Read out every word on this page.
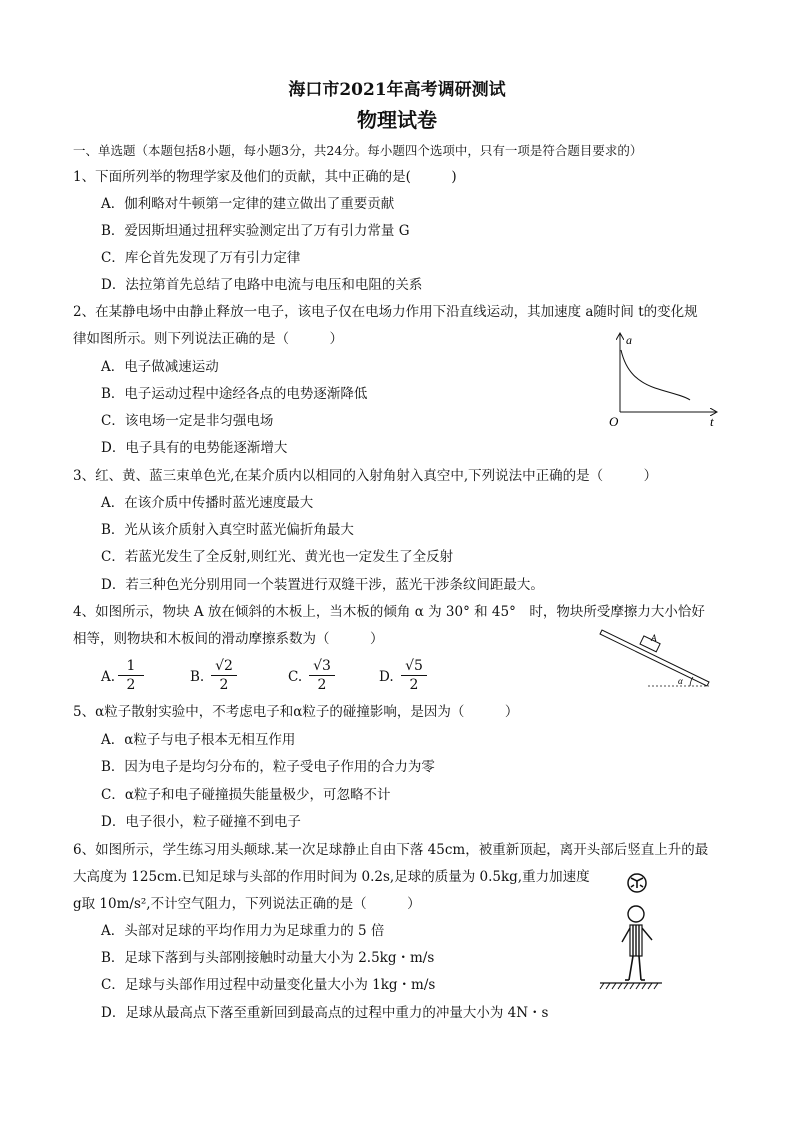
海口市2021年高考调研测试
物理试卷
一、单选题（本题包括8小题，每小题3分，共24分。每小题四个选项中，只有一项是符合题目要求的）
1、下面所列举的物理学家及他们的贡献，其中正确的是(　　　)
A．伽利略对牛顿第一定律的建立做出了重要贡献
B．爱因斯坦通过扭秤实验测定出了万有引力常量 G
C．库仑首先发现了万有引力定律
D．法拉第首先总结了电路中电流与电压和电阻的关系
2、在某静电场中由静止释放一电子，该电子仅在电场力作用下沿直线运动，其加速度 a随时间 t的变化规
律如图所示。则下列说法正确的是（　　　）
A．电子做减速运动
B．电子运动过程中途经各点的电势逐渐降低
C．该电场一定是非匀强电场
D．电子具有的电势能逐渐增大
a
t
O
3、红、黄、蓝三束单色光,在某介质内以相同的入射角射入真空中,下列说法中正确的是（　　　）
A．在该介质中传播时蓝光速度最大
B．光从该介质射入真空时蓝光偏折角最大
C．若蓝光发生了全反射,则红光、黄光也一定发生了全反射
D．若三种色光分别用同一个装置进行双缝干涉，蓝光干涉条纹间距最大。
4、如图所示，物块 A 放在倾斜的木板上，当木板的倾角 α 为 30° 和 45°　时，物块所受摩擦力大小恰好
相等，则物块和木板间的滑动摩擦系数为（　　　）
A. $\frac{1}{2}$	B. $\frac{√2}{2}$	C. $\frac{√3}{2}$	D. $\frac{√5}{2}$
A
α
5、α粒子散射实验中，不考虑电子和α粒子的碰撞影响，是因为（　　　）
A．α粒子与电子根本无相互作用
B．因为电子是均匀分布的，粒子受电子作用的合力为零
C．α粒子和电子碰撞损失能量极少，可忽略不计
D．电子很小，粒子碰撞不到电子
6、如图所示，学生练习用头颠球.某一次足球静止自由下落 45cm，被重新顶起，离开头部后竖直上升的最
大高度为 125cm.已知足球与头部的作用时间为 0.2s,足球的质量为 0.5kg,重力加速度
g取 10m/s²,不计空气阻力，下列说法正确的是（　　　）
A．头部对足球的平均作用力为足球重力的 5 倍
B．足球下落到与头部刚接触时动量大小为 2.5kg・m/s
C．足球与头部作用过程中动量变化量大小为 1kg・m/s
D．足球从最高点下落至重新回到最高点的过程中重力的冲量大小为 4N・s
